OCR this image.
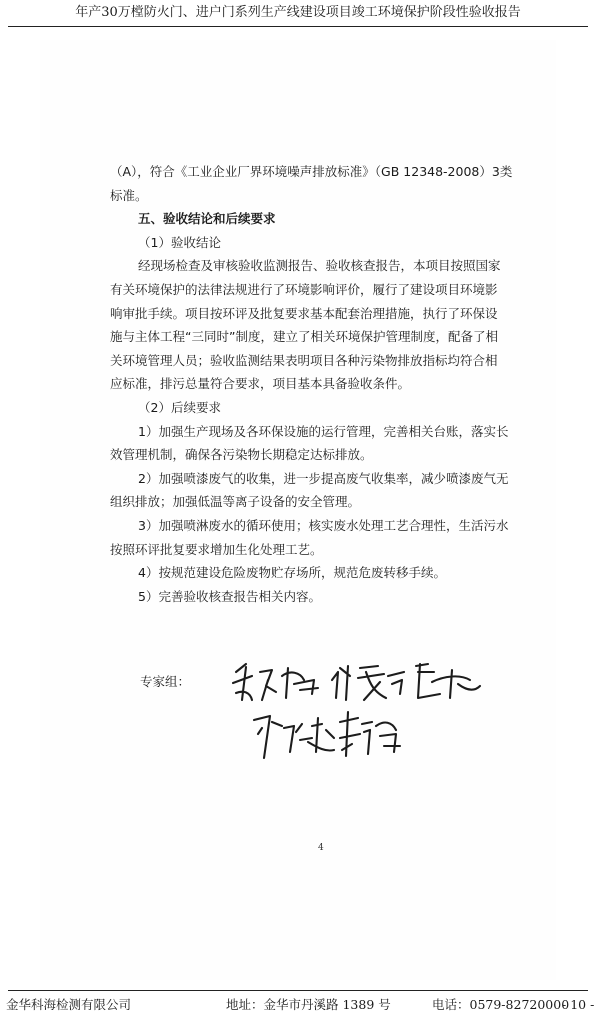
年产30万樘防火门、进户门系列生产线建设项目竣工环境保护阶段性验收报告

（A），符合《工业企业厂界环境噪声排放标准》（GB 12348-2008）3类

标准。

五、验收结论和后续要求

（1）验收结论

经现场检查及审核验收监测报告、验收核查报告，本项目按照国家

有关环境保护的法律法规进行了环境影响评价，履行了建设项目环境影

响审批手续。项目按环评及批复要求基本配套治理措施，执行了环保设

施与主体工程“三同时”制度，建立了相关环境保护管理制度，配备了相

关环境管理人员；验收监测结果表明项目各种污染物排放指标均符合相

应标准，排污总量符合要求，项目基本具备验收条件。

（2）后续要求

1）加强生产现场及各环保设施的运行管理，完善相关台账，落实长

效管理机制，确保各污染物长期稳定达标排放。

2）加强喷漆废气的收集，进一步提高废气收集率，减少喷漆废气无

组织排放；加强低温等离子设备的安全管理。

3）加强喷淋废水的循环使用；核实废水处理工艺合理性，生活污水

按照环评批复要求增加生化处理工艺。

4）按规范建设危险废物贮存场所，规范危废转移手续。

5）完善验收核查报告相关内容。

专家组：
4
金华科海检测有限公司	地址：金华市丹溪路 1389 号	电话：0579-82720000
- 10 -
